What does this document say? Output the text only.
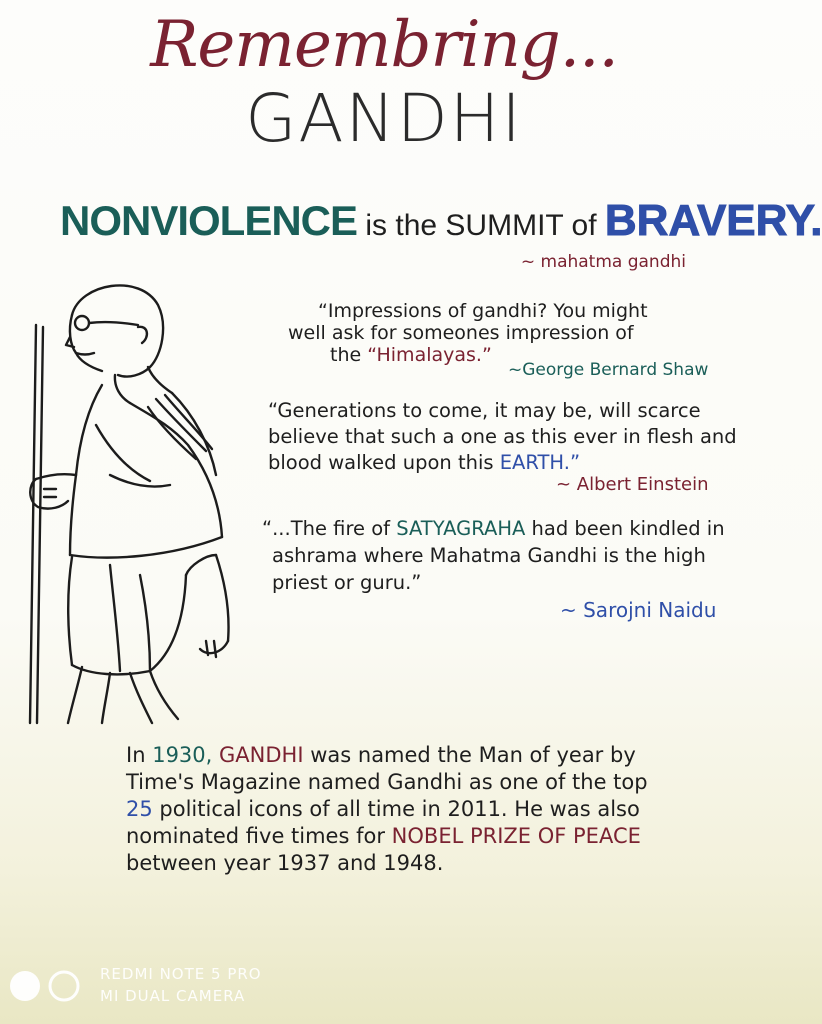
Remembring...
GANDHI
NONVIOLENCE is the SUMMIT of BRAVERY.
~ mahatma gandhi
“Impressions of gandhi? You might
well ask for someones impression of
the “Himalayas.”
~George Bernard Shaw
“Generations to come, it may be, will scarce
believe that such a one as this ever in flesh and
blood walked upon this EARTH.”
~ Albert Einstein
“...The fire of SATYAGRAHA had been kindled in
ashrama where Mahatma Gandhi is the high
priest or guru.”
~ Sarojni Naidu
In 1930, GANDHI was named the Man of year by
Time's Magazine named Gandhi as one of the top
25 political icons of all time in 2011. He was also
nominated five times for NOBEL PRIZE OF PEACE
between year 1937 and 1948.
REDMI NOTE 5 PRO
MI DUAL CAMERA
